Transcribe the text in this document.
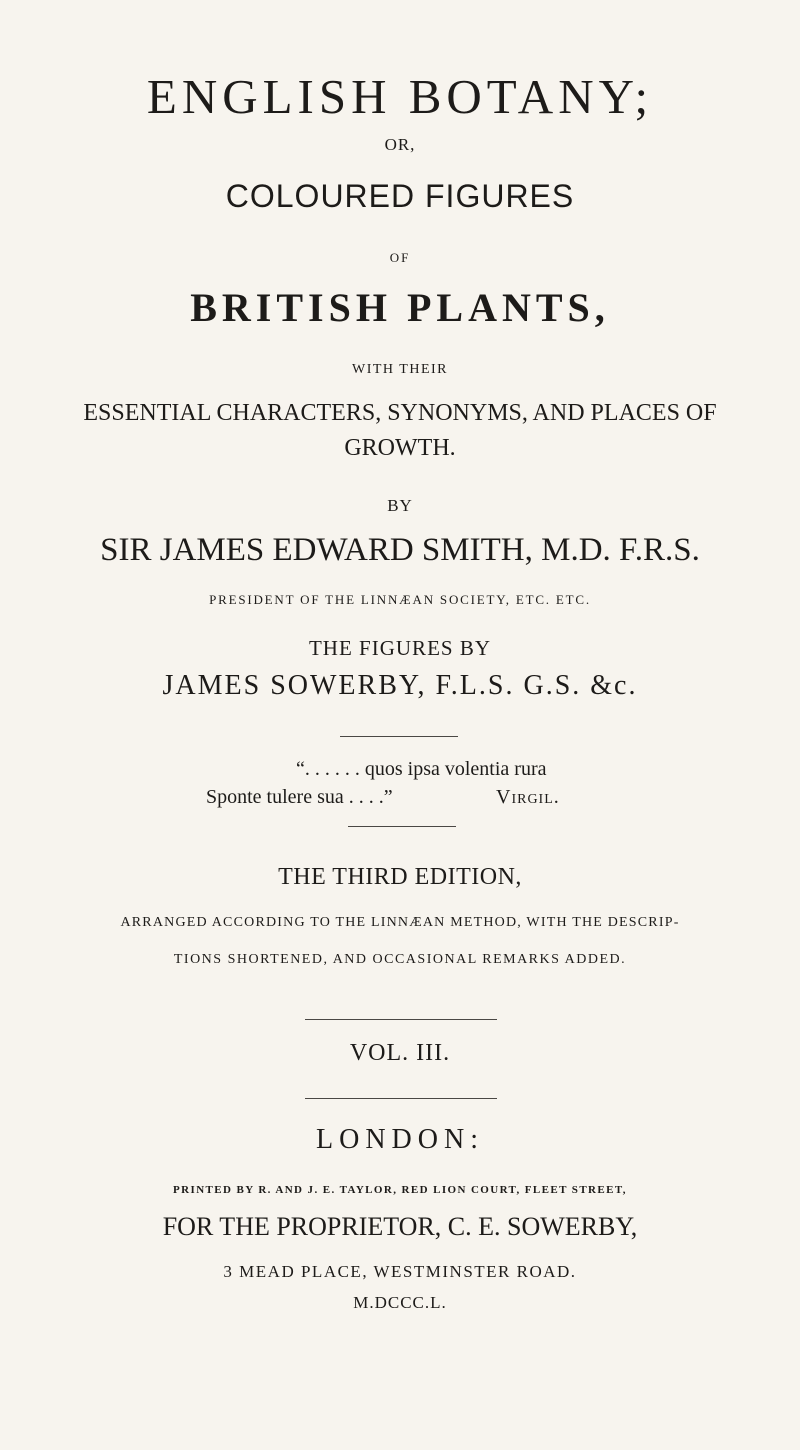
ENGLISH BOTANY;

OR,

COLOURED FIGURES

OF

BRITISH PLANTS,

WITH THEIR

ESSENTIAL CHARACTERS, SYNONYMS, AND PLACES OF

GROWTH.

BY

SIR JAMES EDWARD SMITH, M.D. F.R.S.

PRESIDENT OF THE LINNÆAN SOCIETY, ETC. ETC.

THE FIGURES BY

JAMES SOWERBY, F.L.S. G.S. &c.

“. . . . . . quos ipsa volentia rura

Sponte tulere sua . . . .”	Virgil.

THE THIRD EDITION,

ARRANGED ACCORDING TO THE LINNÆAN METHOD, WITH THE DESCRIP-

TIONS SHORTENED, AND OCCASIONAL REMARKS ADDED.

VOL. III.

LONDON:

PRINTED BY R. AND J. E. TAYLOR, RED LION COURT, FLEET STREET,

FOR THE PROPRIETOR, C. E. SOWERBY,

3 MEAD PLACE, WESTMINSTER ROAD.

M.DCCC.L.
